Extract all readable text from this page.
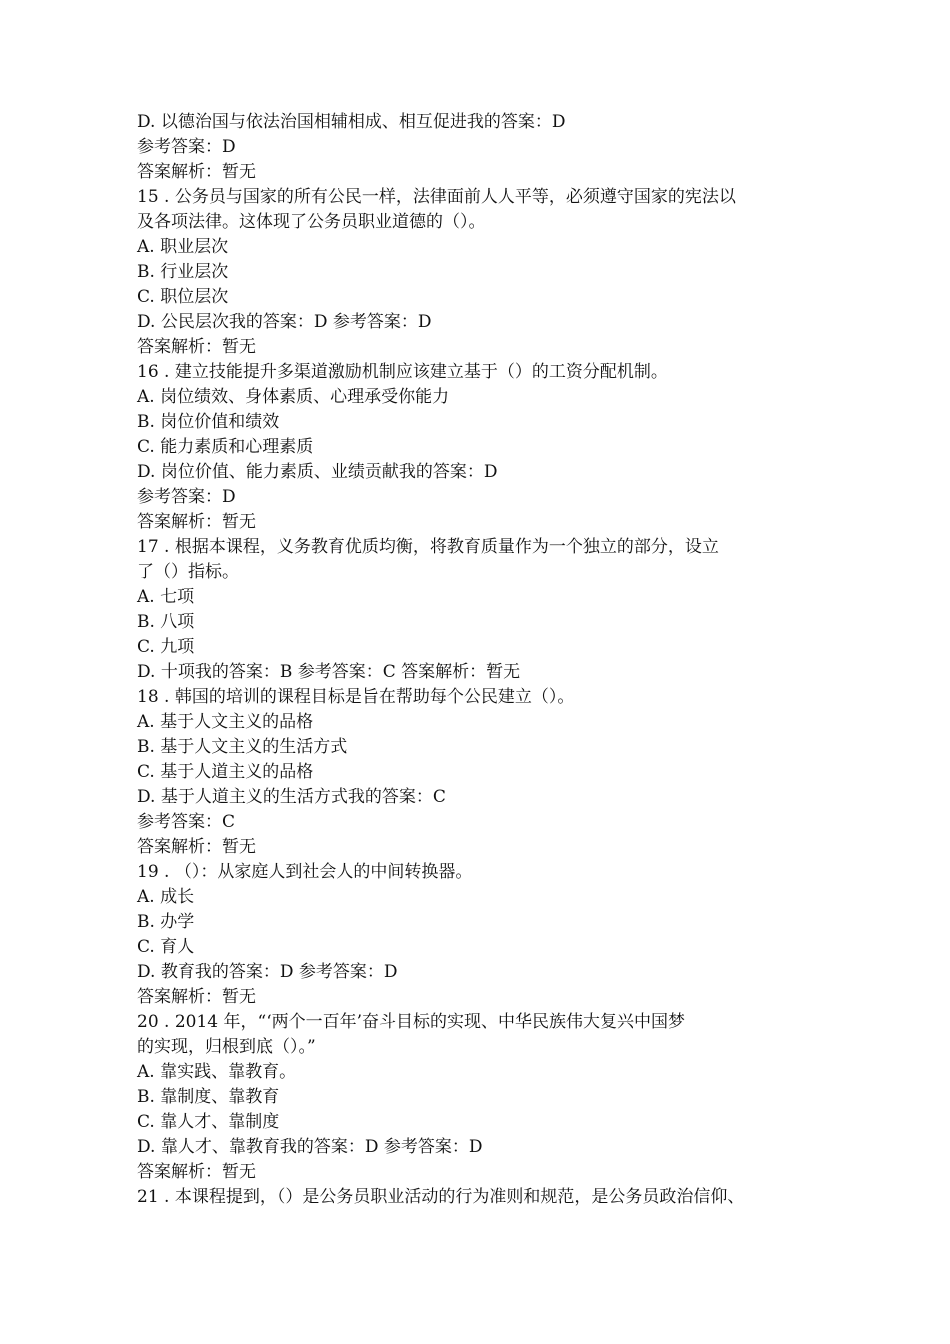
D. 以德治国与依法治国相辅相成、相互促进我的答案：D
参考答案：D
答案解析：暂无
15 . 公务员与国家的所有公民一样，法律面前人人平等，必须遵守国家的宪法以
及各项法律。这体现了公务员职业道德的（）。
A. 职业层次
B. 行业层次
C. 职位层次
D. 公民层次我的答案：D 参考答案：D
答案解析：暂无
16 . 建立技能提升多渠道激励机制应该建立基于（）的工资分配机制。
A. 岗位绩效、身体素质、心理承受你能力
B. 岗位价值和绩效
C. 能力素质和心理素质
D. 岗位价值、能力素质、业绩贡献我的答案：D
参考答案：D
答案解析：暂无
17 . 根据本课程，义务教育优质均衡，将教育质量作为一个独立的部分，设立
了（）指标。
A. 七项
B. 八项
C. 九项
D. 十项我的答案：B 参考答案：C 答案解析：暂无
18 . 韩国的培训的课程目标是旨在帮助每个公民建立（）。
A. 基于人文主义的品格
B. 基于人文主义的生活方式
C. 基于人道主义的品格
D. 基于人道主义的生活方式我的答案：C
参考答案：C
答案解析：暂无
19 . （）：从家庭人到社会人的中间转换器。
A. 成长
B. 办学
C. 育人
D. 教育我的答案：D 参考答案：D
答案解析：暂无
20 . 2014 年，“‘两个一百年’奋斗目标的实现、中华民族伟大复兴中国梦
的实现，归根到底（）。”
A. 靠实践、靠教育。
B. 靠制度、靠教育
C. 靠人才、靠制度
D. 靠人才、靠教育我的答案：D 参考答案：D
答案解析：暂无
21 . 本课程提到，（）是公务员职业活动的行为准则和规范，是公务员政治信仰、
